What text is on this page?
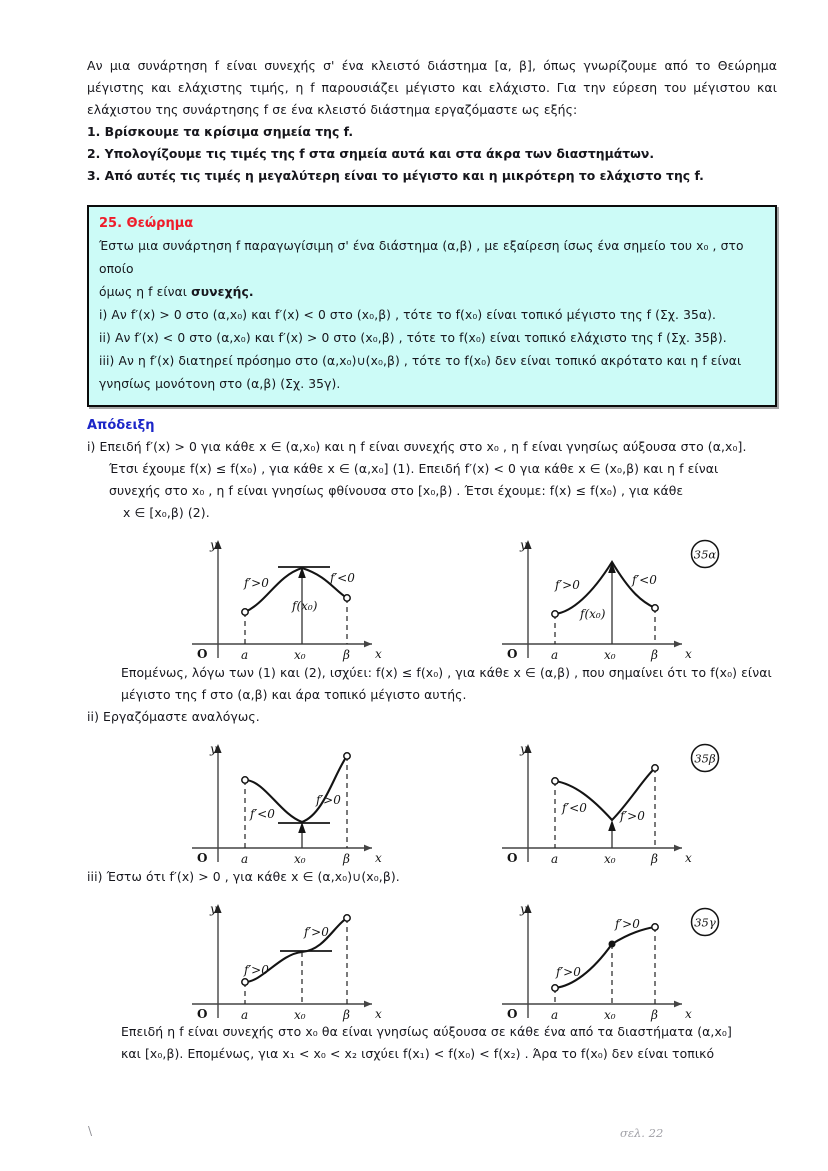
Αν μια συνάρτηση f είναι συνεχής σ' ένα κλειστό διάστημα [α, β], όπως γνωρίζουμε από το Θεώρημα μέγιστης και ελάχιστης τιμής, η f παρουσιάζει μέγιστο και ελάχιστο. Για την εύρεση του μέγιστου και ελάχιστου της συνάρτησης f σε ένα κλειστό διάστημα εργαζόμαστε ως εξής:

1. Βρίσκουμε τα κρίσιμα σημεία της f.
2. Υπολογίζουμε τις τιμές της f στα σημεία αυτά και στα άκρα των διαστημάτων.
3. Από αυτές τις τιμές η μεγαλύτερη είναι το μέγιστο και η μικρότερη το ελάχιστο της f.
25. Θεώρημα
Έστω μια συνάρτηση f παραγωγίσιμη σ' ένα διάστημα (α,β) , με εξαίρεση ίσως ένα σημείο του x₀ , στο οποίο
όμως η f είναι συνεχής.
i) Αν f′(x) > 0 στο (α,x₀) και f′(x) < 0 στο (x₀,β) , τότε το f(x₀) είναι τοπικό μέγιστο της f (Σχ. 35α).
ii) Αν f′(x) < 0 στο (α,x₀) και f′(x) > 0 στο (x₀,β) , τότε το f(x₀) είναι τοπικό ελάχιστο της f (Σχ. 35β).
iii) Αν η f′(x) διατηρεί πρόσημο στο (α,x₀)∪(x₀,β) , τότε το f(x₀) δεν είναι τοπικό ακρότατο και η f είναι
γνησίως μονότονη στο (α,β) (Σχ. 35γ).
Απόδειξη
i) Επειδή f′(x) > 0 για κάθε x ∈ (α,x₀) και η f είναι συνεχής στο x₀ , η f είναι γνησίως αύξουσα στο (α,x₀].
Έτσι έχουμε f(x) ≤ f(x₀) , για κάθε x ∈ (α,x₀] (1). Επειδή f′(x) < 0 για κάθε x ∈ (x₀,β) και η f είναι
συνεχής στο x₀ , η f είναι γνησίως φθίνουσα στο [x₀,β) . Έτσι έχουμε: f(x) ≤ f(x₀) , για κάθε
x ∈ [x₀,β) (2).
y
x
O	a	x₀	β
f′>0	f′<0
f(x₀)
y
x
O	a	x₀	β
f′>0	f′<0
f(x₀)
35α
Επομένως, λόγω των (1) και (2), ισχύει: f(x) ≤ f(x₀) , για κάθε x ∈ (α,β) , που σημαίνει ότι το f(x₀) είναι
μέγιστο της f στο (α,β) και άρα τοπικό μέγιστο αυτής.
ii) Εργαζόμαστε αναλόγως.
y
x
O	a	x₀	β
f′<0
f′>0
y
x
O	a	x₀	β
f′<0
f′>0
35β
iii) Έστω ότι f′(x) > 0 , για κάθε x ∈ (α,x₀)∪(x₀,β).
y
x
O	a	x₀	β
f′>0
f′>0
y
x
O	a	x₀	β
f′>0
f′>0	35γ
Επειδή η f είναι συνεχής στο x₀ θα είναι γνησίως αύξουσα σε κάθε ένα από τα διαστήματα (α,x₀]
και [x₀,β). Επομένως, για x₁ < x₀ < x₂ ισχύει f(x₁) < f(x₀) < f(x₂) . Άρα το f(x₀) δεν είναι τοπικό
\	σελ. 22
